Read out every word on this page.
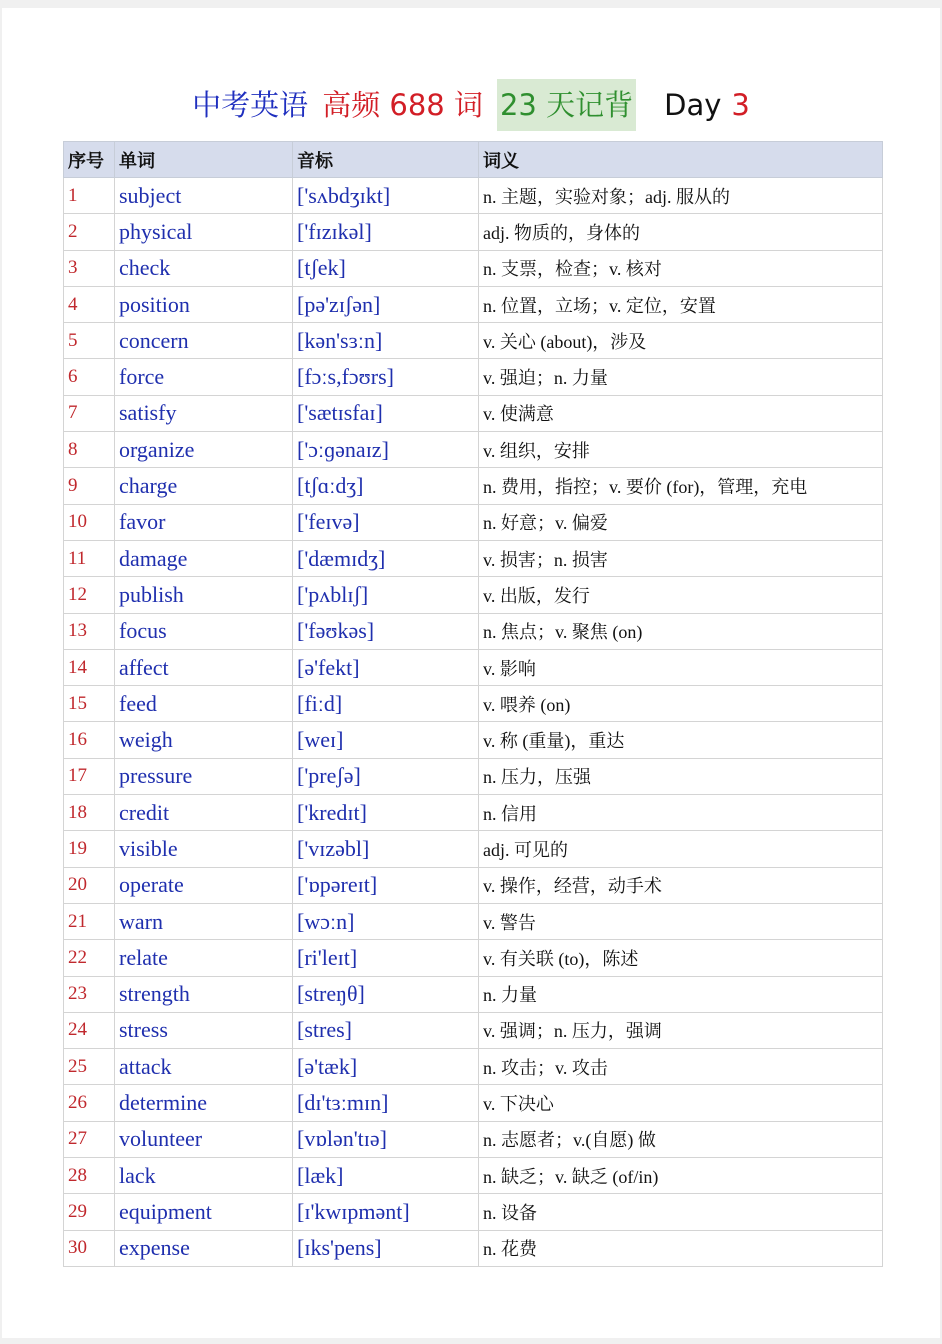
中考英语 高频 688 词 23 天记背 Day 3
序号	单词	音标	词义
1	subject	['sʌbdʒɪkt]	n. 主题，实验对象；adj. 服从的
2	physical	['fɪzɪkəl]	adj. 物质的，身体的
3	check	[tʃek]	n. 支票，检查；v. 核对
4	position	[pə'zɪʃən]	n. 位置，立场；v. 定位，安置
5	concern	[kən'sɜːn]	v. 关心 (about)，涉及
6	force	[fɔːs,fɔʊrs]	v. 强迫；n. 力量
7	satisfy	['sætɪsfaɪ]	v. 使满意
8	organize	['ɔːɡənaɪz]	v. 组织，安排
9	charge	[tʃɑːdʒ]	n. 费用，指控；v. 要价 (for)，管理，充电
10	favor	['feɪvə]	n. 好意；v. 偏爱
11	damage	['dæmɪdʒ]	v. 损害；n. 损害
12	publish	['pʌblɪʃ]	v. 出版，发行
13	focus	['fəʊkəs]	n. 焦点；v. 聚焦 (on)
14	affect	[ə'fekt]	v. 影响
15	feed	[fiːd]	v. 喂养 (on)
16	weigh	[weɪ]	v. 称 (重量)，重达
17	pressure	['preʃə]	n. 压力，压强
18	credit	['kredɪt]	n. 信用
19	visible	['vɪzəbl]	adj. 可见的
20	operate	['ɒpəreɪt]	v. 操作，经营，动手术
21	warn	[wɔːn]	v. 警告
22	relate	[ri'leɪt]	v. 有关联 (to)，陈述
23	strength	[streŋθ]	n. 力量
24	stress	[stres]	v. 强调；n. 压力，强调
25	attack	[ə'tæk]	n. 攻击；v. 攻击
26	determine	[dɪ'tɜːmɪn]	v. 下决心
27	volunteer	[vɒlən'tɪə]	n. 志愿者；v.(自愿) 做
28	lack	[læk]	n. 缺乏；v. 缺乏 (of/in)
29	equipment	[ɪ'kwɪpmənt]	n. 设备
30	expense	[ɪks'pens]	n. 花费
